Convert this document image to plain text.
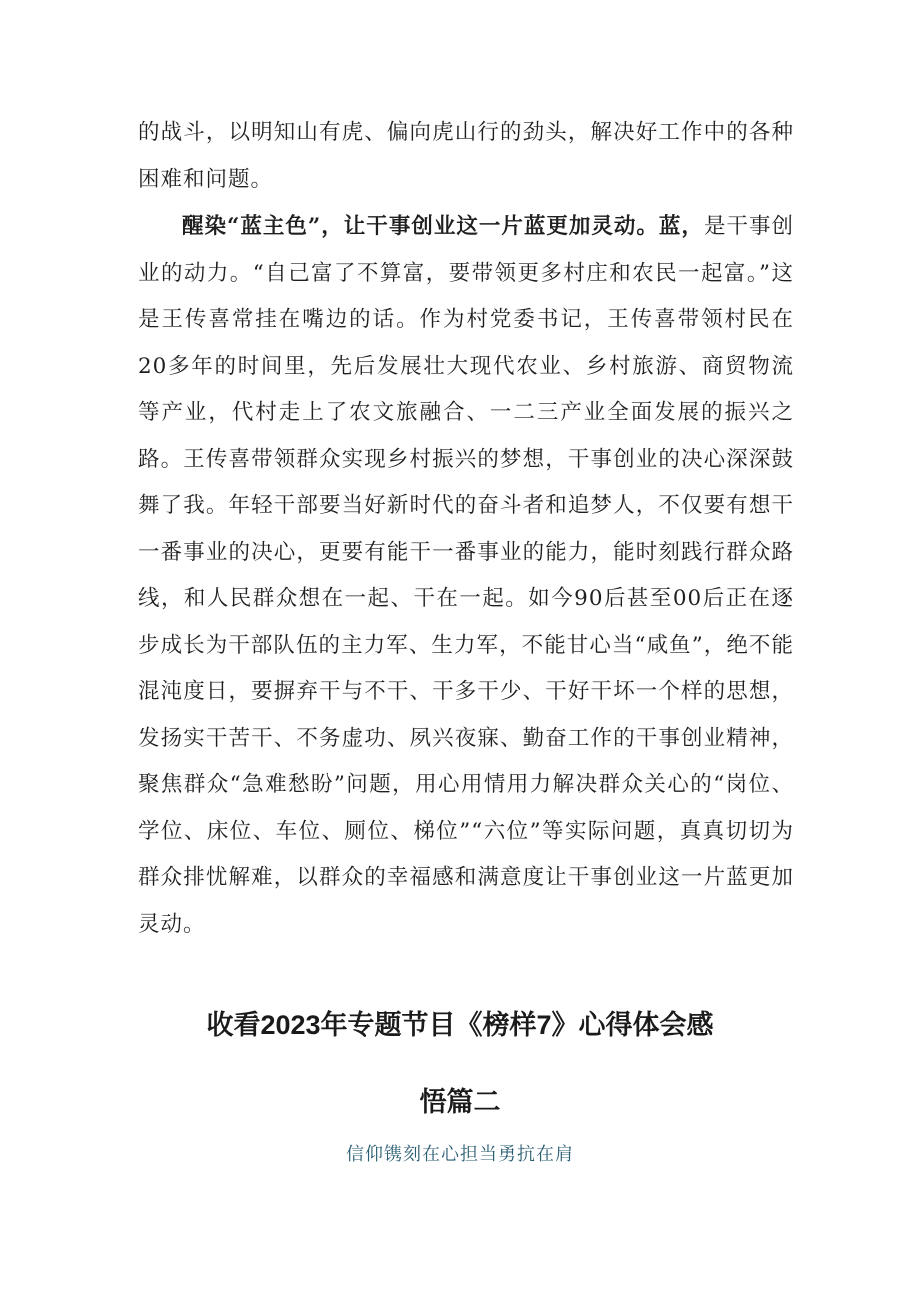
的战斗，以明知山有虎、偏向虎山行的劲头，解决好工作中的各种困难和问题。

醒染“蓝主色”，让干事创业这一片蓝更加灵动。蓝，是干事创业的动力。“自己富了不算富，要带领更多村庄和农民一起富。”这是王传喜常挂在嘴边的话。作为村党委书记，王传喜带领村民在20多年的时间里，先后发展壮大现代农业、乡村旅游、商贸物流等产业，代村走上了农文旅融合、一二三产业全面发展的振兴之路。王传喜带领群众实现乡村振兴的梦想，干事创业的决心深深鼓舞了我。年轻干部要当好新时代的奋斗者和追梦人，不仅要有想干一番事业的决心，更要有能干一番事业的能力，能时刻践行群众路线，和人民群众想在一起、干在一起。如今90后甚至00后正在逐步成长为干部队伍的主力军、生力军，不能甘心当“咸鱼”，绝不能混沌度日，要摒弃干与不干、干多干少、干好干坏一个样的思想，发扬实干苦干、不务虚功、夙兴夜寐、勤奋工作的干事创业精神，聚焦群众“急难愁盼”问题，用心用情用力解决群众关心的“岗位、学位、床位、车位、厕位、梯位”“六位”等实际问题，真真切切为群众排忧解难，以群众的幸福感和满意度让干事创业这一片蓝更加灵动。

收看2023年专题节目《榜样7》心得体会感
悟篇二

信仰镌刻在心担当勇抗在肩
